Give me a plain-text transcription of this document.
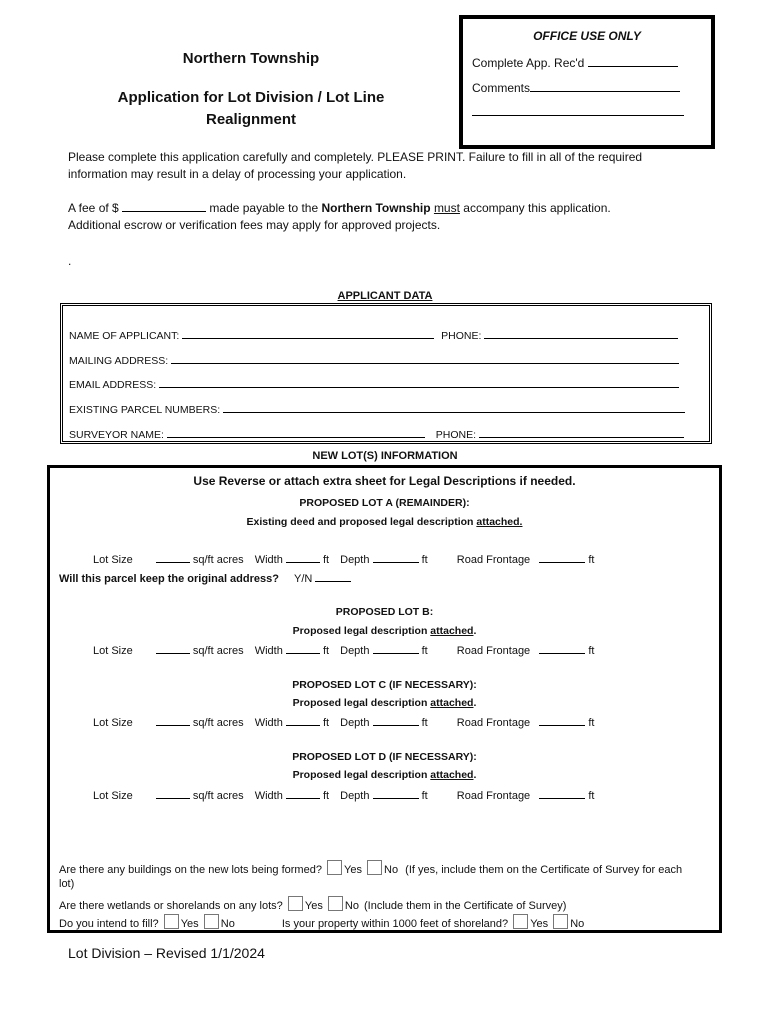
Northern Township
Application for Lot Division / Lot Line
Realignment
OFFICE USE ONLY
Complete App. Rec'd
Comments
Please complete this application carefully and completely. PLEASE PRINT. Failure to fill in all of the required
information may result in a delay of processing your application.
A fee of $	made payable to the Northern Township must accompany this application.
Additional escrow or verification fees may apply for approved projects.
.
APPLICANT DATA
NAME OF APPLICANT:	PHONE:
MAILING ADDRESS:
EMAIL ADDRESS:
EXISTING PARCEL NUMBERS:
SURVEYOR NAME:	PHONE:
NEW LOT(S) INFORMATION
Use Reverse or attach extra sheet for Legal Descriptions if needed.
PROPOSED LOT A (REMAINDER):
Existing deed and proposed legal description attached.
Lot Size	sq/ft acres Width	ft Depth	ft	Road Frontage	ft
Will this parcel keep the original address? Y/N
PROPOSED LOT B:
Proposed legal description attached.
Lot Size	sq/ft acres Width	ft Depth	ft	Road Frontage	ft
PROPOSED LOT C (IF NECESSARY):
Proposed legal description attached.
Lot Size	sq/ft acres Width	ft Depth	ft	Road Frontage	ft
PROPOSED LOT D (IF NECESSARY):
Proposed legal description attached.
Lot Size	sq/ft acres Width	ft Depth	ft	Road Frontage	ft
Are there any buildings on the new lots being formed? Yes No (If yes, include them on the Certificate of Survey for each
lot)
Are there wetlands or shorelands on any lots? Yes No (Include them in the Certificate of Survey)
Do you intend to fill? Yes No	Is your property within 1000 feet of shoreland? Yes No
Lot Division – Revised 1/1/2024
